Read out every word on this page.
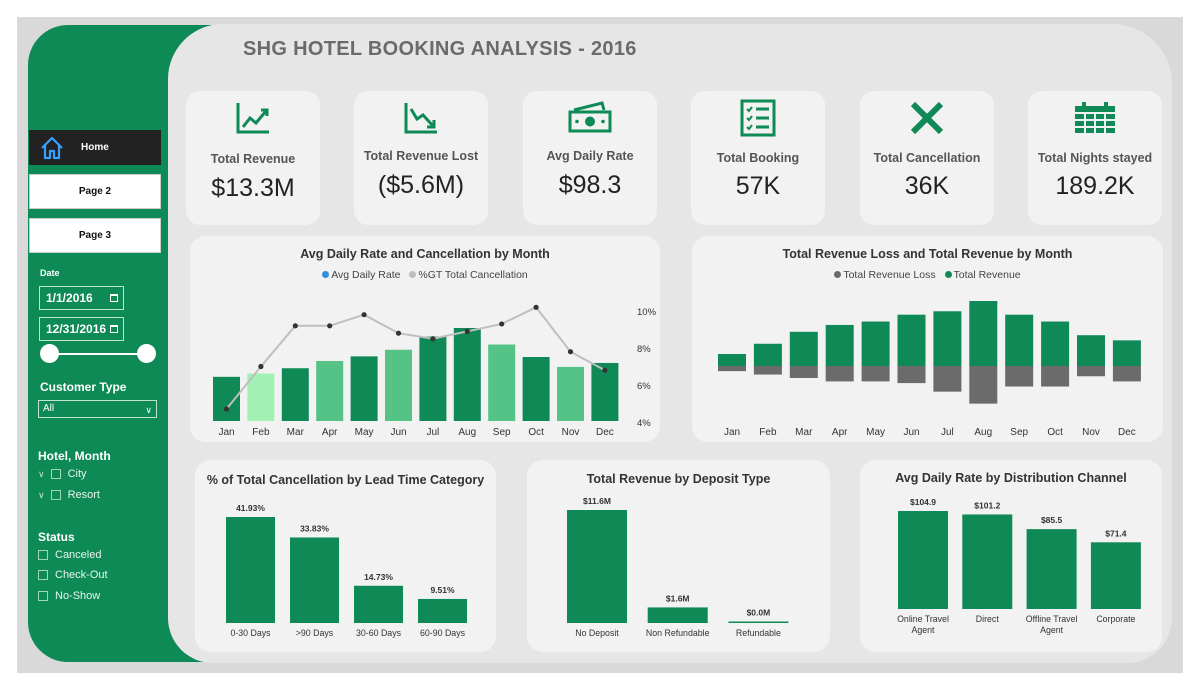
SHG HOTEL BOOKING ANALYSIS - 2016
Home
Page 2
Page 3
Date
1/1/2016
12/31/2016
Customer Type
All	∨
Hotel, Month
∨ City
∨ Resort
Status
Canceled
Check-Out
No-Show
Total Revenue
$13.3M
Total Revenue Lost
($5.6M)
Avg Daily Rate
$98.3
Total Booking
57K
Total Cancellation
36K
Total Nights stayed
189.2K
Avg Daily Rate and Cancellation by Month
Avg Daily Rate %GT Total Cancellation
Jan Feb Mar Apr May Jun Jul Aug Sep Oct Nov Dec
10%
8%
6%
4%
Total Revenue Loss and Total Revenue by Month
Total Revenue Loss Total Revenue
Jan Feb Mar Apr May Jun Jul Aug Sep Oct Nov Dec
% of Total Cancellation by Lead Time Category
41.93%
0-30 Days
33.83%
>90 Days
14.73%
30-60 Days
9.51%
60-90 Days
Total Revenue by Deposit Type
$11.6M
No Deposit
$1.6M
Non Refundable
$0.0M
Refundable
Avg Daily Rate by Distribution Channel
$104.9
Online Travel
Agent
$101.2
Direct
$85.5
Offline Travel
Agent
$71.4
Corporate
